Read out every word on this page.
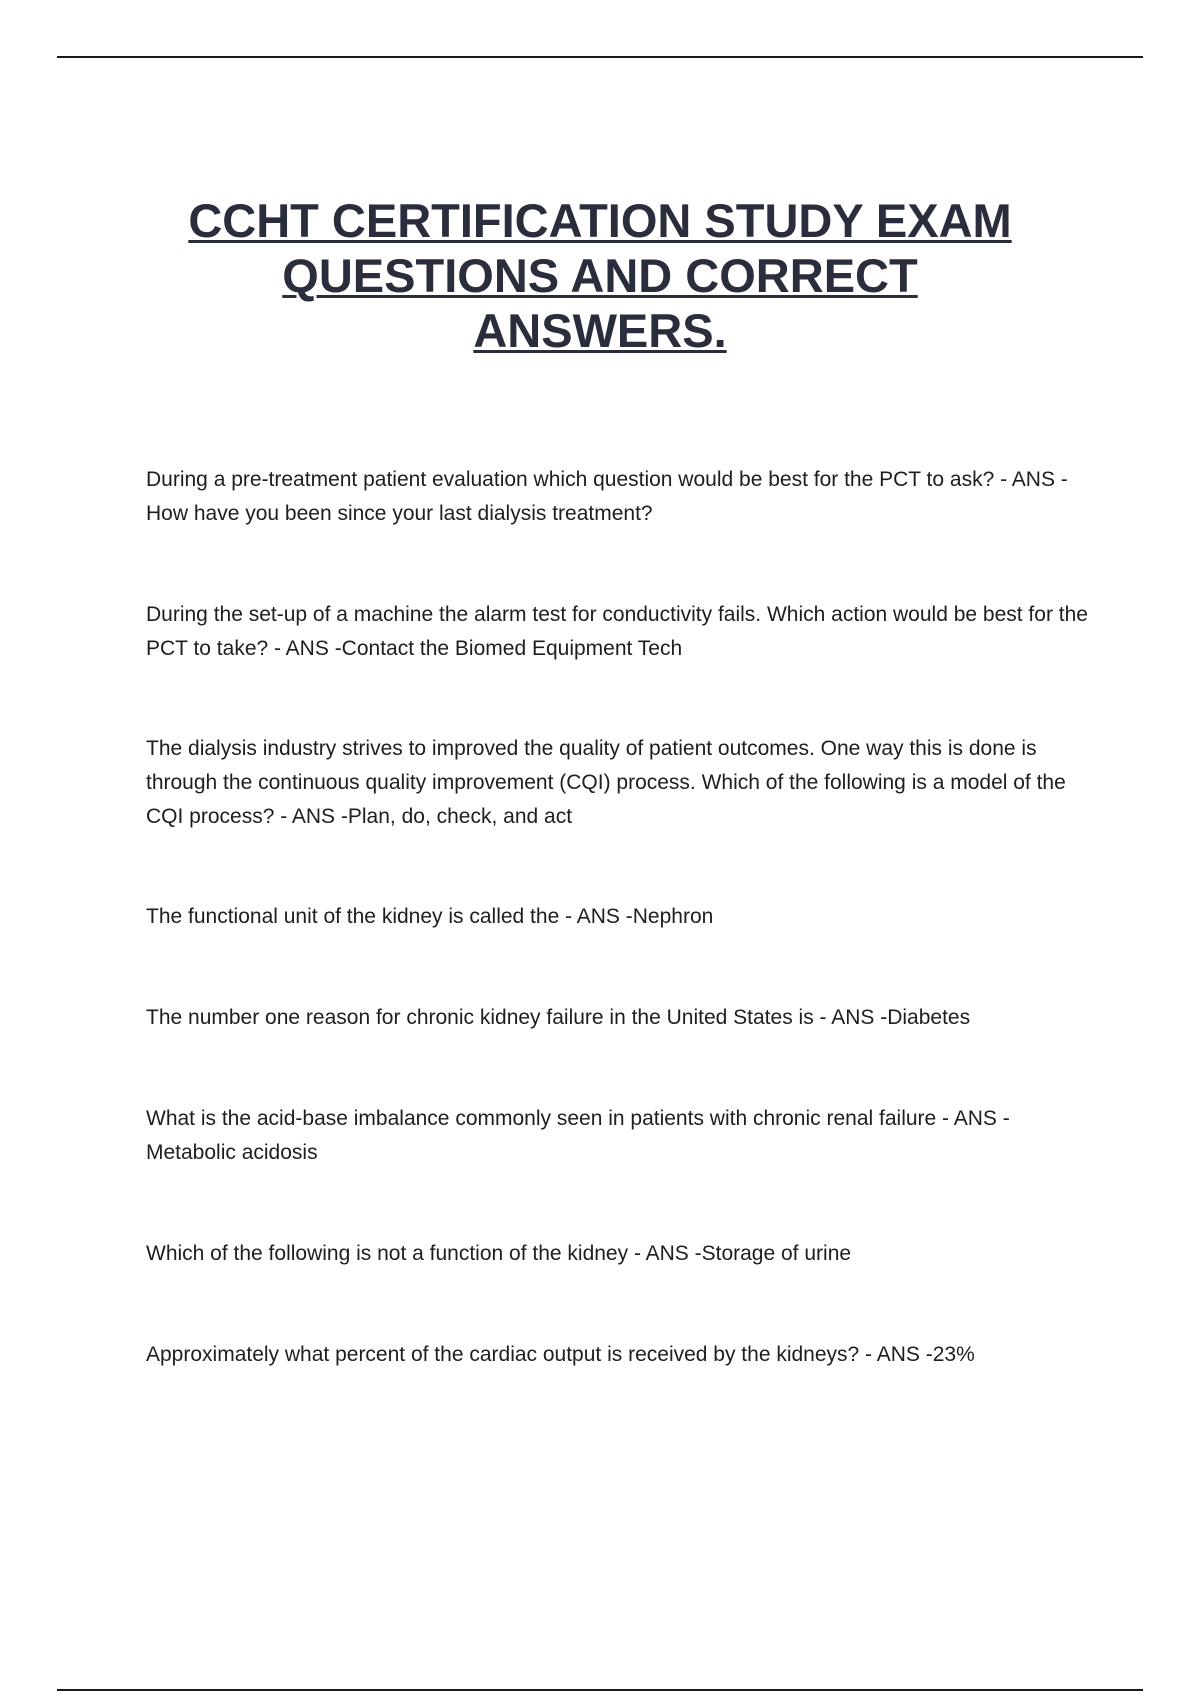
CCHT CERTIFICATION STUDY EXAM
QUESTIONS AND CORRECT
ANSWERS.

During a pre-treatment patient evaluation which question would be best for the PCT to ask? - ANS -How have you been since your last dialysis treatment?

During the set-up of a machine the alarm test for conductivity fails. Which action would be best for the PCT to take? - ANS -Contact the Biomed Equipment Tech

The dialysis industry strives to improved the quality of patient outcomes. One way this is done is through the continuous quality improvement (CQI) process. Which of the following is a model of the CQI process? - ANS -Plan, do, check, and act

The functional unit of the kidney is called the - ANS -Nephron

The number one reason for chronic kidney failure in the United States is - ANS -Diabetes

What is the acid-base imbalance commonly seen in patients with chronic renal failure - ANS - Metabolic acidosis

Which of the following is not a function of the kidney - ANS -Storage of urine

Approximately what percent of the cardiac output is received by the kidneys? - ANS -23%
